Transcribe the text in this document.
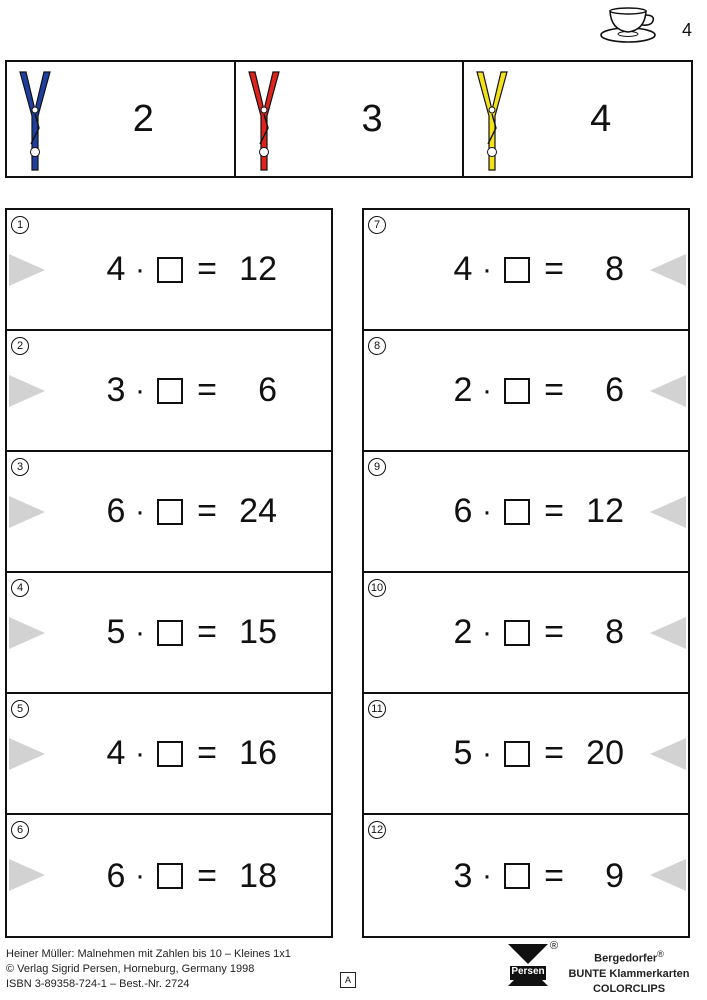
4
2	3	4
1
4 · = 12
2
3 · =	6
3
6 · = 24
4
5 · = 15
5
4 · = 16
6
6 · = 18
7
4 · =	8
8
2 · =	6
9
6 · = 12
10
2 · =	8
11
5 · = 20
12
3 · =	9
Heiner Müller: Malnehmen mit Zahlen bis 10 – Kleines 1x1
© Verlag Sigrid Persen, Horneburg, Germany 1998
ISBN 3-89358-724-1 – Best.-Nr. 2724	A
Persen
®
Bergedorfer®
BUNTE Klammerkarten
COLORCLIPS
